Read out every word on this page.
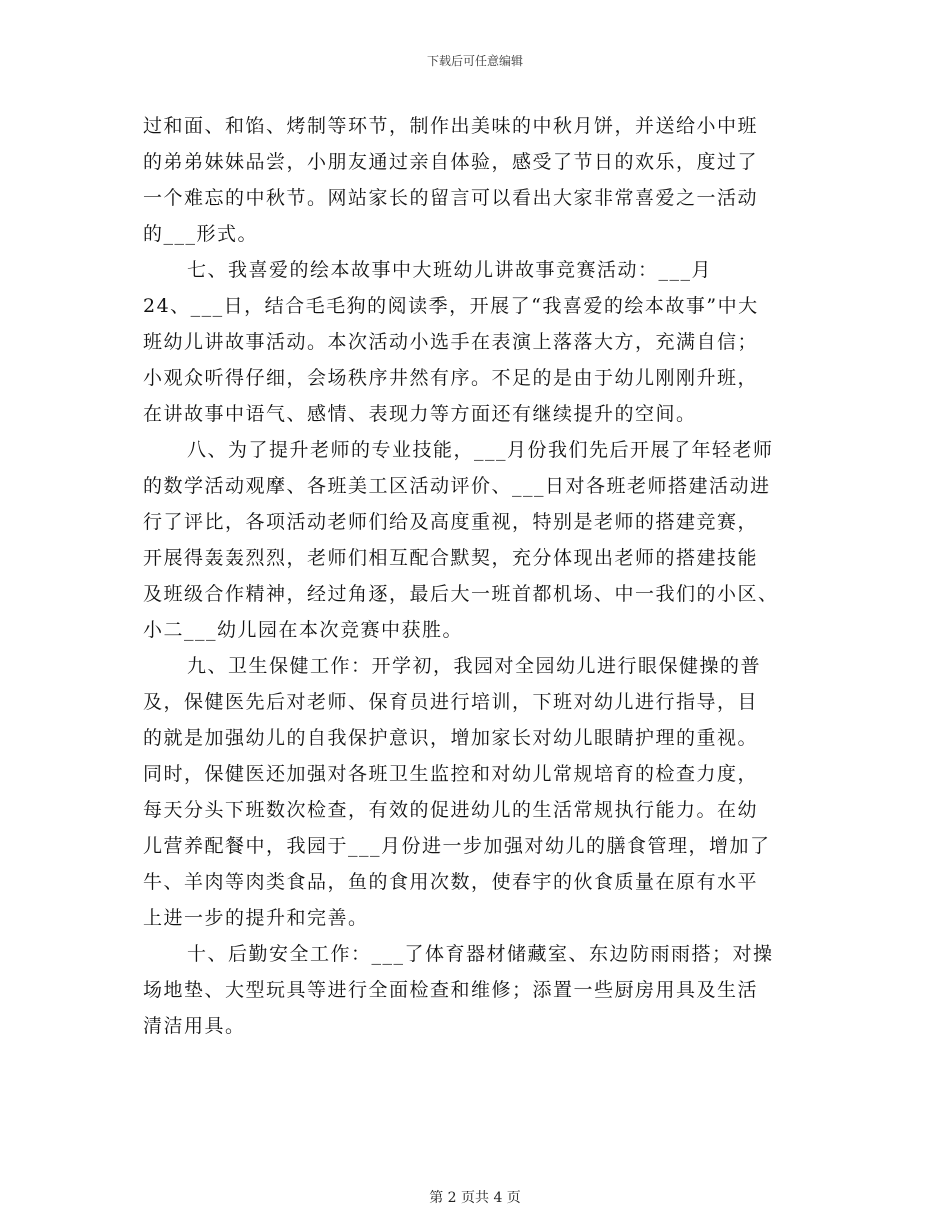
下载后可任意编辑
过和面、和馅、烤制等环节，制作出美味的中秋月饼，并送给小中班
的弟弟妹妹品尝，小朋友通过亲自体验，感受了节日的欢乐，度过了
一个难忘的中秋节。网站家长的留言可以看出大家非常喜爱之一活动
的___形式。
七、我喜爱的绘本故事中大班幼儿讲故事竞赛活动：___月
24、___日，结合毛毛狗的阅读季，开展了“我喜爱的绘本故事”中大
班幼儿讲故事活动。本次活动小选手在表演上落落大方，充满自信；
小观众听得仔细，会场秩序井然有序。不足的是由于幼儿刚刚升班，
在讲故事中语气、感情、表现力等方面还有继续提升的空间。
八、为了提升老师的专业技能，___月份我们先后开展了年轻老师
的数学活动观摩、各班美工区活动评价、___日对各班老师搭建活动进
行了评比，各项活动老师们给及高度重视，特别是老师的搭建竞赛，
开展得轰轰烈烈，老师们相互配合默契，充分体现出老师的搭建技能
及班级合作精神，经过角逐，最后大一班首都机场、中一我们的小区、
小二___幼儿园在本次竞赛中获胜。
九、卫生保健工作：开学初，我园对全园幼儿进行眼保健操的普
及，保健医先后对老师、保育员进行培训，下班对幼儿进行指导，目
的就是加强幼儿的自我保护意识，增加家长对幼儿眼睛护理的重视。
同时，保健医还加强对各班卫生监控和对幼儿常规培育的检查力度，
每天分头下班数次检查，有效的促进幼儿的生活常规执行能力。在幼
儿营养配餐中，我园于___月份进一步加强对幼儿的膳食管理，增加了
牛、羊肉等肉类食品，鱼的食用次数，使春宇的伙食质量在原有水平
上进一步的提升和完善。
十、后勤安全工作：___了体育器材储藏室、东边防雨雨搭；对操
场地垫、大型玩具等进行全面检查和维修；添置一些厨房用具及生活
清洁用具。
第 2 页共 4 页
